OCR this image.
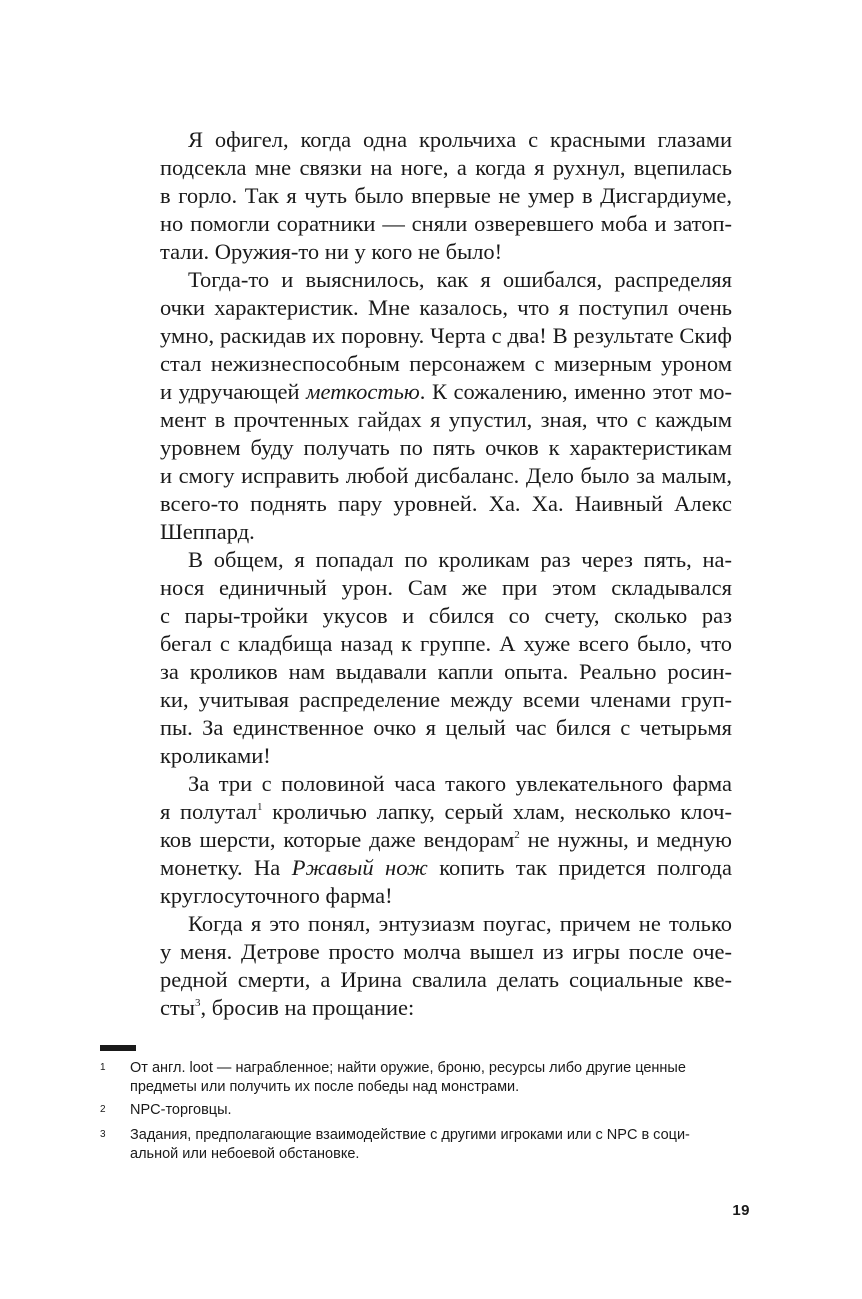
Я офигел, когда одна крольчиха с красными глазами
подсекла мне связки на ноге, а когда я рухнул, вцепилась
в горло. Так я чуть было впервые не умер в Дисгардиуме,
но помогли соратники — сняли озверевшего моба и затоп-
тали. Оружия-то ни у кого не было!
Тогда-то и выяснилось, как я ошибался, распределяя
очки характеристик. Мне казалось, что я поступил очень
умно, раскидав их поровну. Черта с два! В результате Скиф
стал нежизнеспособным персонажем с мизерным уроном
и удручающей меткостью. К сожалению, именно этот мо-
мент в прочтенных гайдах я упустил, зная, что с каждым
уровнем буду получать по пять очков к характеристикам
и смогу исправить любой дисбаланс. Дело было за малым,
всего-то поднять пару уровней. Ха. Ха. Наивный Алекс
Шеппард.
В общем, я попадал по кроликам раз через пять, на-
нося единичный урон. Сам же при этом складывался
с пары-тройки укусов и сбился со счету, сколько раз
бегал с кладбища назад к группе. А хуже всего было, что
за кроликов нам выдавали капли опыта. Реально росин-
ки, учитывая распределение между всеми членами груп-
пы. За единственное очко я целый час бился с четырьмя
кроликами!
За три с половиной часа такого увлекательного фарма
я полутал$^1$ кроличью лапку, серый хлам, несколько клоч-
ков шерсти, которые даже вендорам$^2$ не нужны, и медную
монетку. На Ржавый нож копить так придется полгода
круглосуточного фарма!
Когда я это понял, энтузиазм поугас, причем не только
у меня. Детрове просто молча вышел из игры после оче-
редной смерти, а Ирина свалила делать социальные кве-
сты$^3$, бросив на прощание:
1 От англ. loot — награбленное; найти оружие, броню, ресурсы либо другие ценные
предметы или получить их после победы над монстрами.
2 NPC-торговцы.
3 Задания, предполагающие взаимодействие с другими игроками или с NPC в соци-
альной или небоевой обстановке.
19
